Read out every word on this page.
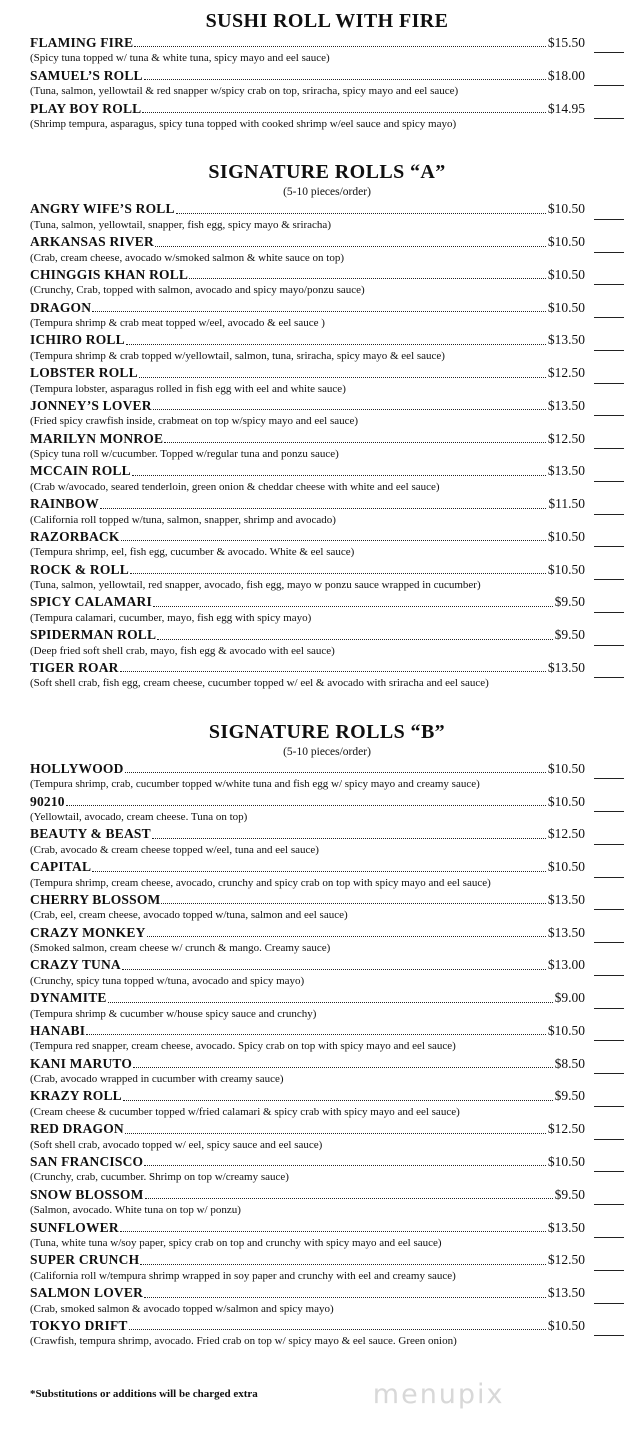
SUSHI ROLL WITH FIRE
FLAMING FIRE	$15.50
(Spicy tuna topped w/ tuna & white tuna, spicy mayo and eel sauce)
SAMUEL’S ROLL	$18.00
(Tuna, salmon, yellowtail & red snapper w/spicy crab on top, sriracha, spicy mayo and eel sauce)
PLAY BOY ROLL	$14.95
(Shrimp tempura, asparagus, spicy tuna topped with cooked shrimp w/eel sauce and spicy mayo)
SIGNATURE ROLLS “A”
(5-10 pieces/order)
ANGRY WIFE’S ROLL	$10.50
(Tuna, salmon, yellowtail, snapper, fish egg, spicy mayo & sriracha)
ARKANSAS RIVER	$10.50
(Crab, cream cheese, avocado w/smoked salmon & white sauce on top)
CHINGGIS KHAN ROLL	$10.50
(Crunchy, Crab, topped with salmon, avocado and spicy mayo/ponzu sauce)
DRAGON	$10.50
(Tempura shrimp & crab meat topped w/eel, avocado & eel sauce )
ICHIRO ROLL	$13.50
(Tempura shrimp & crab topped w/yellowtail, salmon, tuna, sriracha, spicy mayo & eel sauce)
LOBSTER ROLL	$12.50
(Tempura lobster, asparagus rolled in fish egg with eel and white sauce)
JONNEY’S LOVER	$13.50
(Fried spicy crawfish inside, crabmeat on top w/spicy mayo and eel sauce)
MARILYN MONROE	$12.50
(Spicy tuna roll w/cucumber. Topped w/regular tuna and ponzu sauce)
MCCAIN ROLL	$13.50
(Crab w/avocado, seared tenderloin, green onion & cheddar cheese with white and eel sauce)
RAINBOW	$11.50
(California roll topped w/tuna, salmon, snapper, shrimp and avocado)
RAZORBACK	$10.50
(Tempura shrimp, eel, fish egg, cucumber & avocado. White & eel sauce)
ROCK & ROLL	$10.50
(Tuna, salmon, yellowtail, red snapper, avocado, fish egg, mayo w ponzu sauce wrapped in cucumber)
SPICY CALAMARI	$9.50
(Tempura calamari, cucumber, mayo, fish egg with spicy mayo)
SPIDERMAN ROLL	$9.50
(Deep fried soft shell crab, mayo, fish egg & avocado with eel sauce)
TIGER ROAR	$13.50
(Soft shell crab, fish egg, cream cheese, cucumber topped w/ eel & avocado with sriracha and eel sauce)
SIGNATURE ROLLS “B”
(5-10 pieces/order)
HOLLYWOOD	$10.50
(Tempura shrimp, crab, cucumber topped w/white tuna and fish egg w/ spicy mayo and creamy sauce)
90210	$10.50
(Yellowtail, avocado, cream cheese. Tuna on top)
BEAUTY & BEAST	$12.50
(Crab, avocado & cream cheese topped w/eel, tuna and eel sauce)
CAPITAL	$10.50
(Tempura shrimp, cream cheese, avocado, crunchy and spicy crab on top with spicy mayo and eel sauce)
CHERRY BLOSSOM	$13.50
(Crab, eel, cream cheese, avocado topped w/tuna, salmon and eel sauce)
CRAZY MONKEY	$13.50
(Smoked salmon, cream cheese w/ crunch & mango. Creamy sauce)
CRAZY TUNA	$13.00
(Crunchy, spicy tuna topped w/tuna, avocado and spicy mayo)
DYNAMITE	$9.00
(Tempura shrimp & cucumber w/house spicy sauce and crunchy)
HANABI	$10.50
(Tempura red snapper, cream cheese, avocado. Spicy crab on top with spicy mayo and eel sauce)
KANI MARUTO	$8.50
(Crab, avocado wrapped in cucumber with creamy sauce)
KRAZY ROLL	$9.50
(Cream cheese & cucumber topped w/fried calamari & spicy crab with spicy mayo and eel sauce)
RED DRAGON	$12.50
(Soft shell crab, avocado topped w/ eel, spicy sauce and eel sauce)
SAN FRANCISCO	$10.50
(Crunchy, crab, cucumber. Shrimp on top w/creamy sauce)
SNOW BLOSSOM	$9.50
(Salmon, avocado. White tuna on top w/ ponzu)
SUNFLOWER	$13.50
(Tuna, white tuna w/soy paper, spicy crab on top and crunchy with spicy mayo and eel sauce)
SUPER CRUNCH	$12.50
(California roll w/tempura shrimp wrapped in soy paper and crunchy with eel and creamy sauce)
SALMON LOVER	$13.50
(Crab, smoked salmon & avocado topped w/salmon and spicy mayo)
TOKYO DRIFT	$10.50
(Crawfish, tempura shrimp, avocado. Fried crab on top w/ spicy mayo & eel sauce. Green onion)
*Substitutions or additions will be charged extra	menupix
